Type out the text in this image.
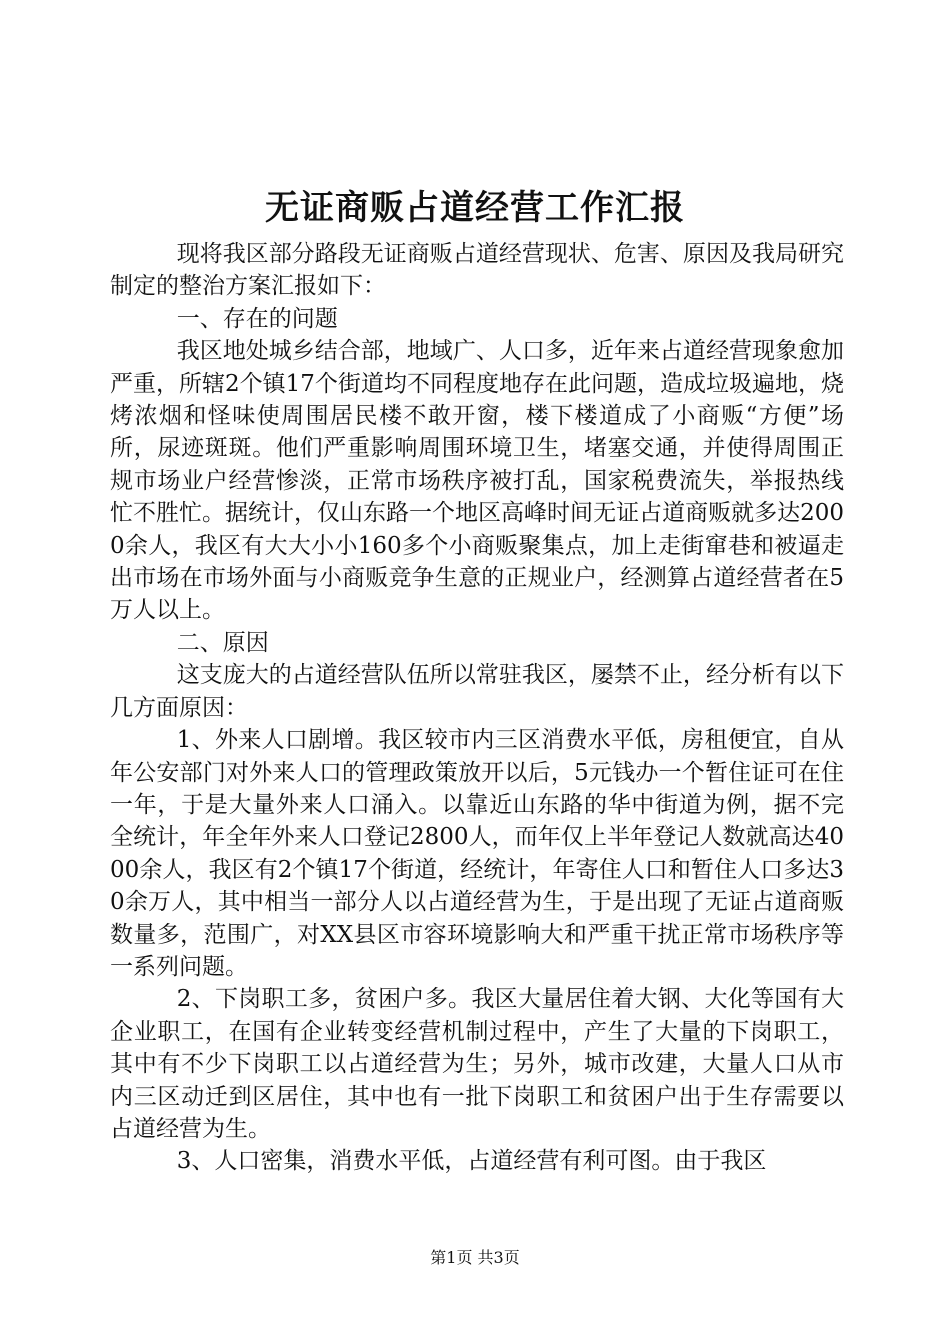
无证商贩占道经营工作汇报

现将我区部分路段无证商贩占道经营现状、危害、原因及我局研究制定的整治方案汇报如下：

一、存在的问题

我区地处城乡结合部，地域广、人口多，近年来占道经营现象愈加严重，所辖2个镇17个街道均不同程度地存在此问题，造成垃圾遍地，烧烤浓烟和怪味使周围居民楼不敢开窗，楼下楼道成了小商贩“方便”场所，尿迹斑斑。他们严重影响周围环境卫生，堵塞交通，并使得周围正规市场业户经营惨淡，正常市场秩序被打乱，国家税费流失，举报热线忙不胜忙。据统计，仅山东路一个地区高峰时间无证占道商贩就多达2000余人，我区有大大小小160多个小商贩聚集点，加上走街窜巷和被逼走出市场在市场外面与小商贩竞争生意的正规业户，经测算占道经营者在5万人以上。

二、原因

这支庞大的占道经营队伍所以常驻我区，屡禁不止，经分析有以下几方面原因：

1、外来人口剧增。我区较市内三区消费水平低，房租便宜，自从年公安部门对外来人口的管理政策放开以后，5元钱办一个暂住证可在住一年，于是大量外来人口涌入。以靠近山东路的华中街道为例，据不完全统计，年全年外来人口登记2800人，而年仅上半年登记人数就高达4000余人，我区有2个镇17个街道，经统计，年寄住人口和暂住人口多达30余万人，其中相当一部分人以占道经营为生，于是出现了无证占道商贩数量多，范围广，对XX县区市容环境影响大和严重干扰正常市场秩序等一系列问题。

2、下岗职工多，贫困户多。我区大量居住着大钢、大化等国有大企业职工，在国有企业转变经营机制过程中，产生了大量的下岗职工，其中有不少下岗职工以占道经营为生；另外，城市改建，大量人口从市内三区动迁到区居住，其中也有一批下岗职工和贫困户出于生存需要以占道经营为生。

3、人口密集，消费水平低，占道经营有利可图。由于我区

第1页 共3页
